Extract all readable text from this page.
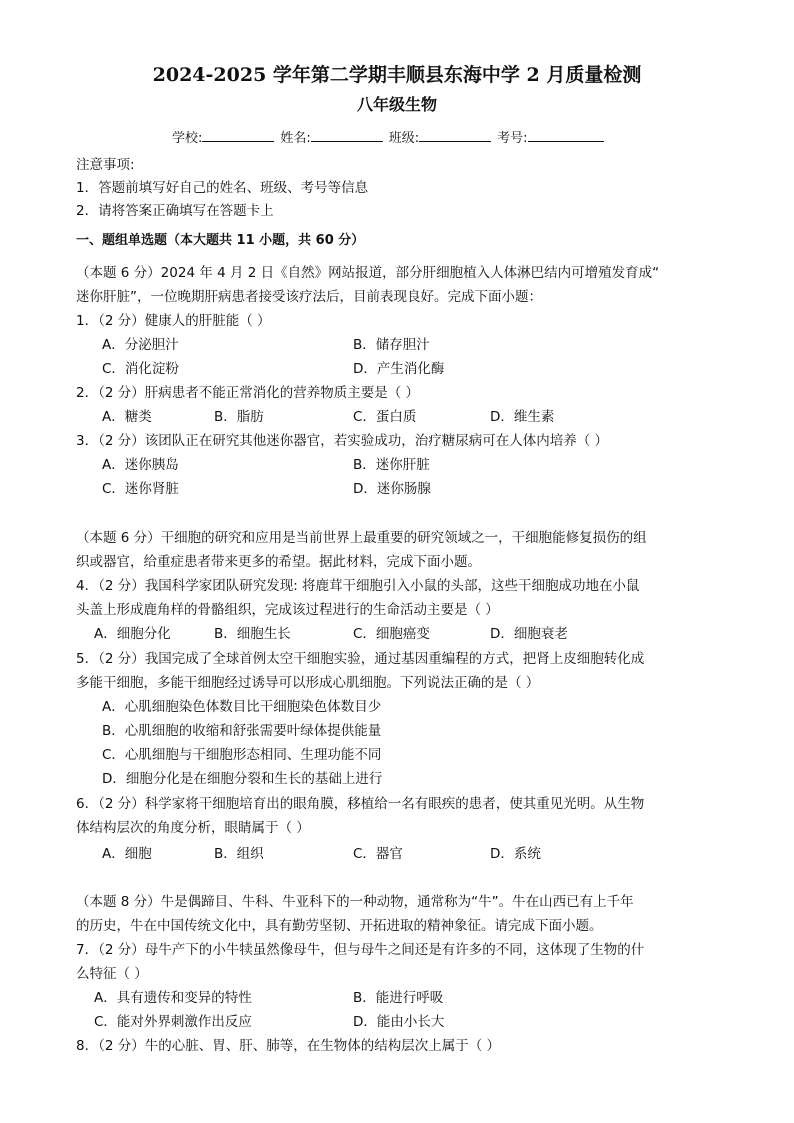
2024-2025 学年第二学期丰顺县东海中学 2 月质量检测
八年级生物
学校:	姓名:	班级:	考号:
注意事项:
1．答题前填写好自己的姓名、班级、考号等信息
2．请将答案正确填写在答题卡上
一、题组单选题（本大题共 11 小题，共 60 分）
（本题 6 分）2024 年 4 月 2 日《自然》网站报道，部分肝细胞植入人体淋巴结内可增殖发育成“
迷你肝脏”，一位晚期肝病患者接受该疗法后，目前表现良好。完成下面小题：
1．（2 分）健康人的肝脏能（ ）
A．分泌胆汁	B．储存胆汁
C．消化淀粉	D．产生消化酶
2．（2 分）肝病患者不能正常消化的营养物质主要是（ ）
A．糖类	B．脂肪	C．蛋白质	D．维生素
3．（2 分）该团队正在研究其他迷你器官，若实验成功，治疗糖尿病可在人体内培养（ ）
A．迷你胰岛	B．迷你肝脏
C．迷你肾脏	D．迷你肠腺
（本题 6 分）干细胞的研究和应用是当前世界上最重要的研究领域之一，干细胞能修复损伤的组
织或器官，给重症患者带来更多的希望。据此材料，完成下面小题。
4．（2 分）我国科学家团队研究发现: 将鹿茸干细胞引入小鼠的头部，这些干细胞成功地在小鼠
头盖上形成鹿角样的骨骼组织，完成该过程进行的生命活动主要是（ ）
A．细胞分化	B．细胞生长	C．细胞癌变	D．细胞衰老
5．（2 分）我国完成了全球首例太空干细胞实验，通过基因重编程的方式，把肾上皮细胞转化成
多能干细胞，多能干细胞经过诱导可以形成心肌细胞。下列说法正确的是（ ）
A．心肌细胞染色体数目比干细胞染色体数目少
B．心肌细胞的收缩和舒张需要叶绿体提供能量
C．心肌细胞与干细胞形态相同、生理功能不同
D．细胞分化是在细胞分裂和生长的基础上进行
6．（2 分）科学家将干细胞培育出的眼角膜，移植给一名有眼疾的患者，使其重见光明。从生物
体结构层次的角度分析，眼睛属于（ ）
A．细胞	B．组织	C．器官	D．系统
（本题 8 分）牛是偶蹄目、牛科、牛亚科下的一种动物，通常称为“牛”。牛在山西已有上千年
的历史，牛在中国传统文化中，具有勤劳坚韧、开拓进取的精神象征。请完成下面小题。
7．（2 分）母牛产下的小牛犊虽然像母牛，但与母牛之间还是有许多的不同，这体现了生物的什
么特征（ ）
A．具有遗传和变异的特性	B．能进行呼吸
C．能对外界刺激作出反应	D．能由小长大
8．（2 分）牛的心脏、胃、肝、肺等，在生物体的结构层次上属于（ ）
